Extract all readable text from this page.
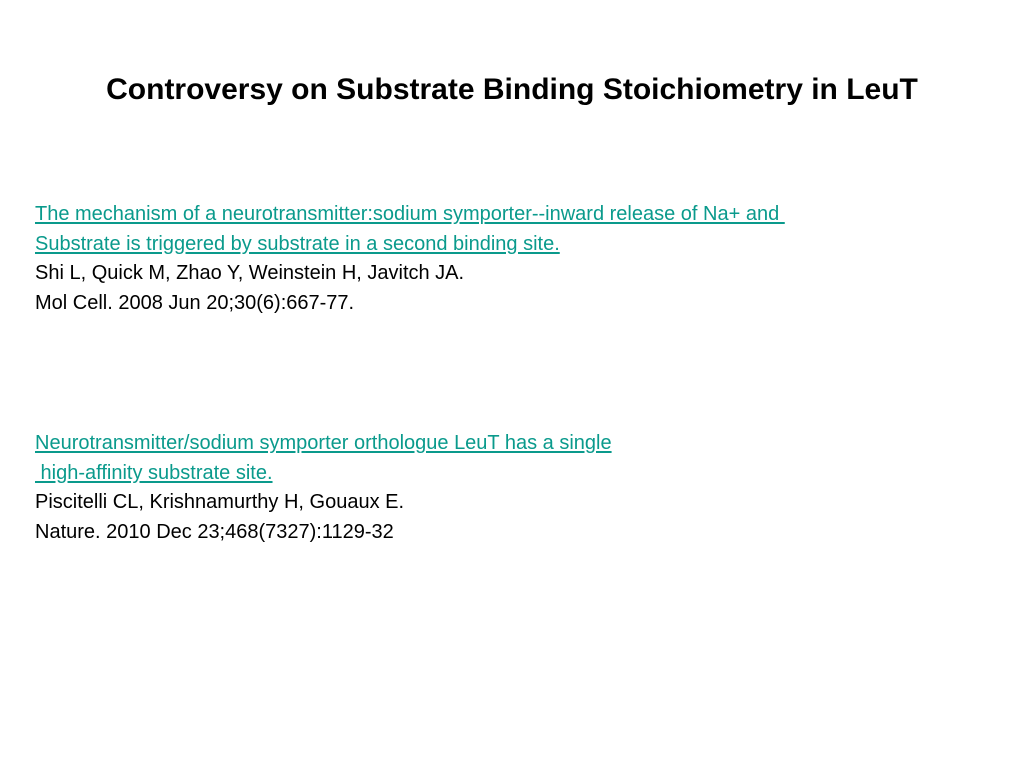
Controversy on Substrate Binding Stoichiometry in LeuT
The mechanism of a neurotransmitter:sodium symporter--inward release of Na+ and
Substrate is triggered by substrate in a second binding site.
Shi L, Quick M, Zhao Y, Weinstein H, Javitch JA.
Mol Cell. 2008 Jun 20;30(6):667-77.
Neurotransmitter/sodium symporter orthologue LeuT has a single
high-affinity substrate site.
Piscitelli CL, Krishnamurthy H, Gouaux E.
Nature. 2010 Dec 23;468(7327):1129-32
